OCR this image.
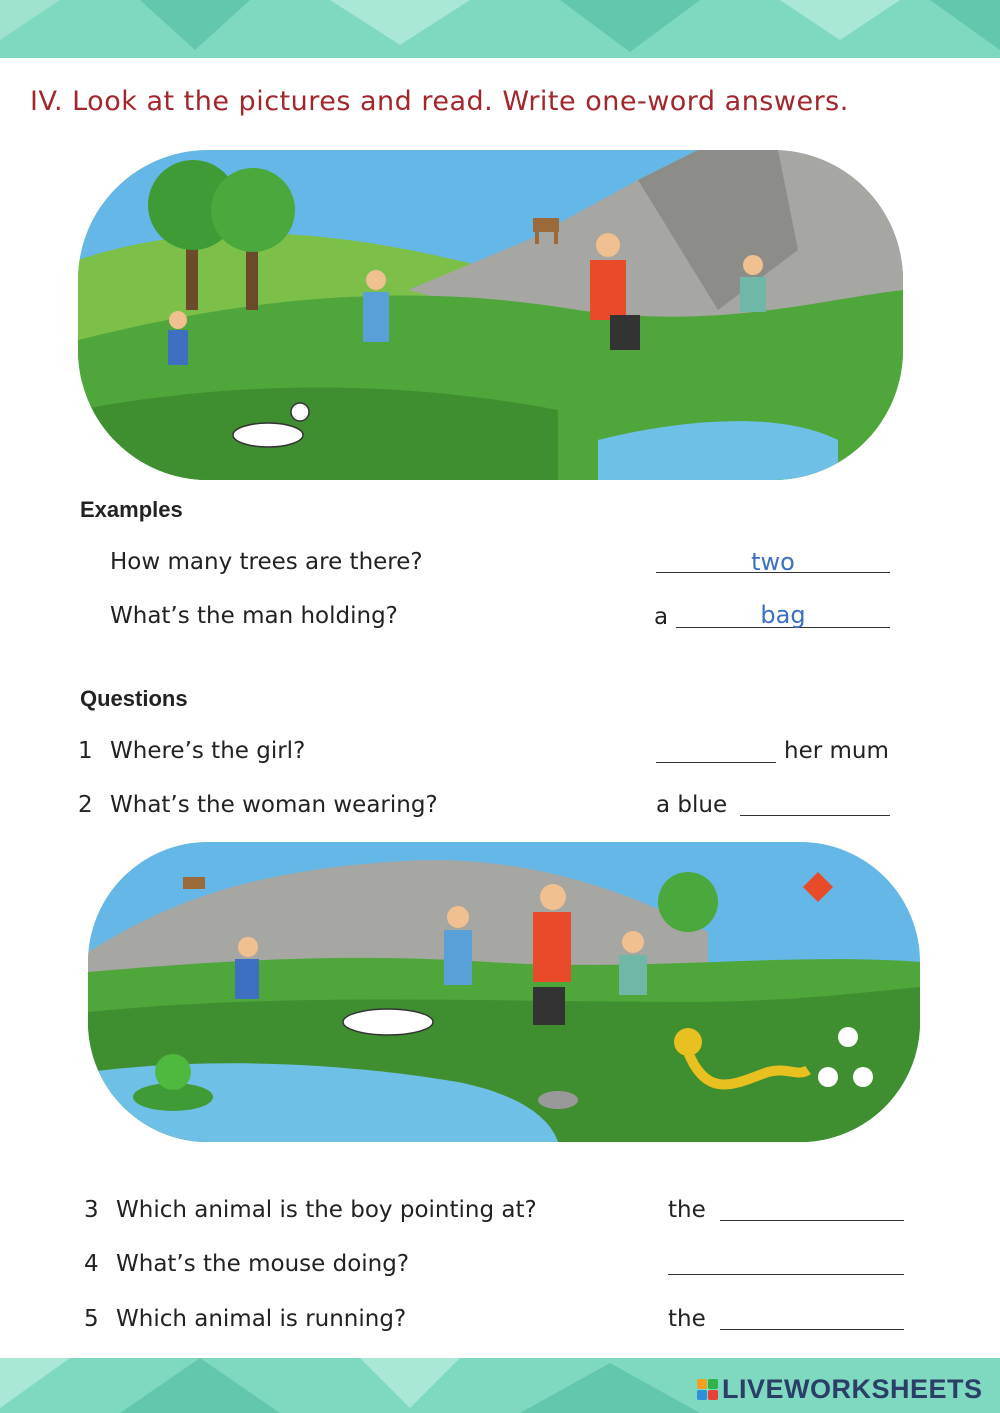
IV. Look at the pictures and read. Write one-word answers.
Examples
How many trees are there?	two
What’s the man holding?	a	bag
Questions
1 Where’s the girl?	her mum
2 What’s the woman wearing?	a blue
3 Which animal is the boy pointing at?	the
4 What’s the mouse doing?
5 Which animal is running?	the
LIVEWORKSHEETS
